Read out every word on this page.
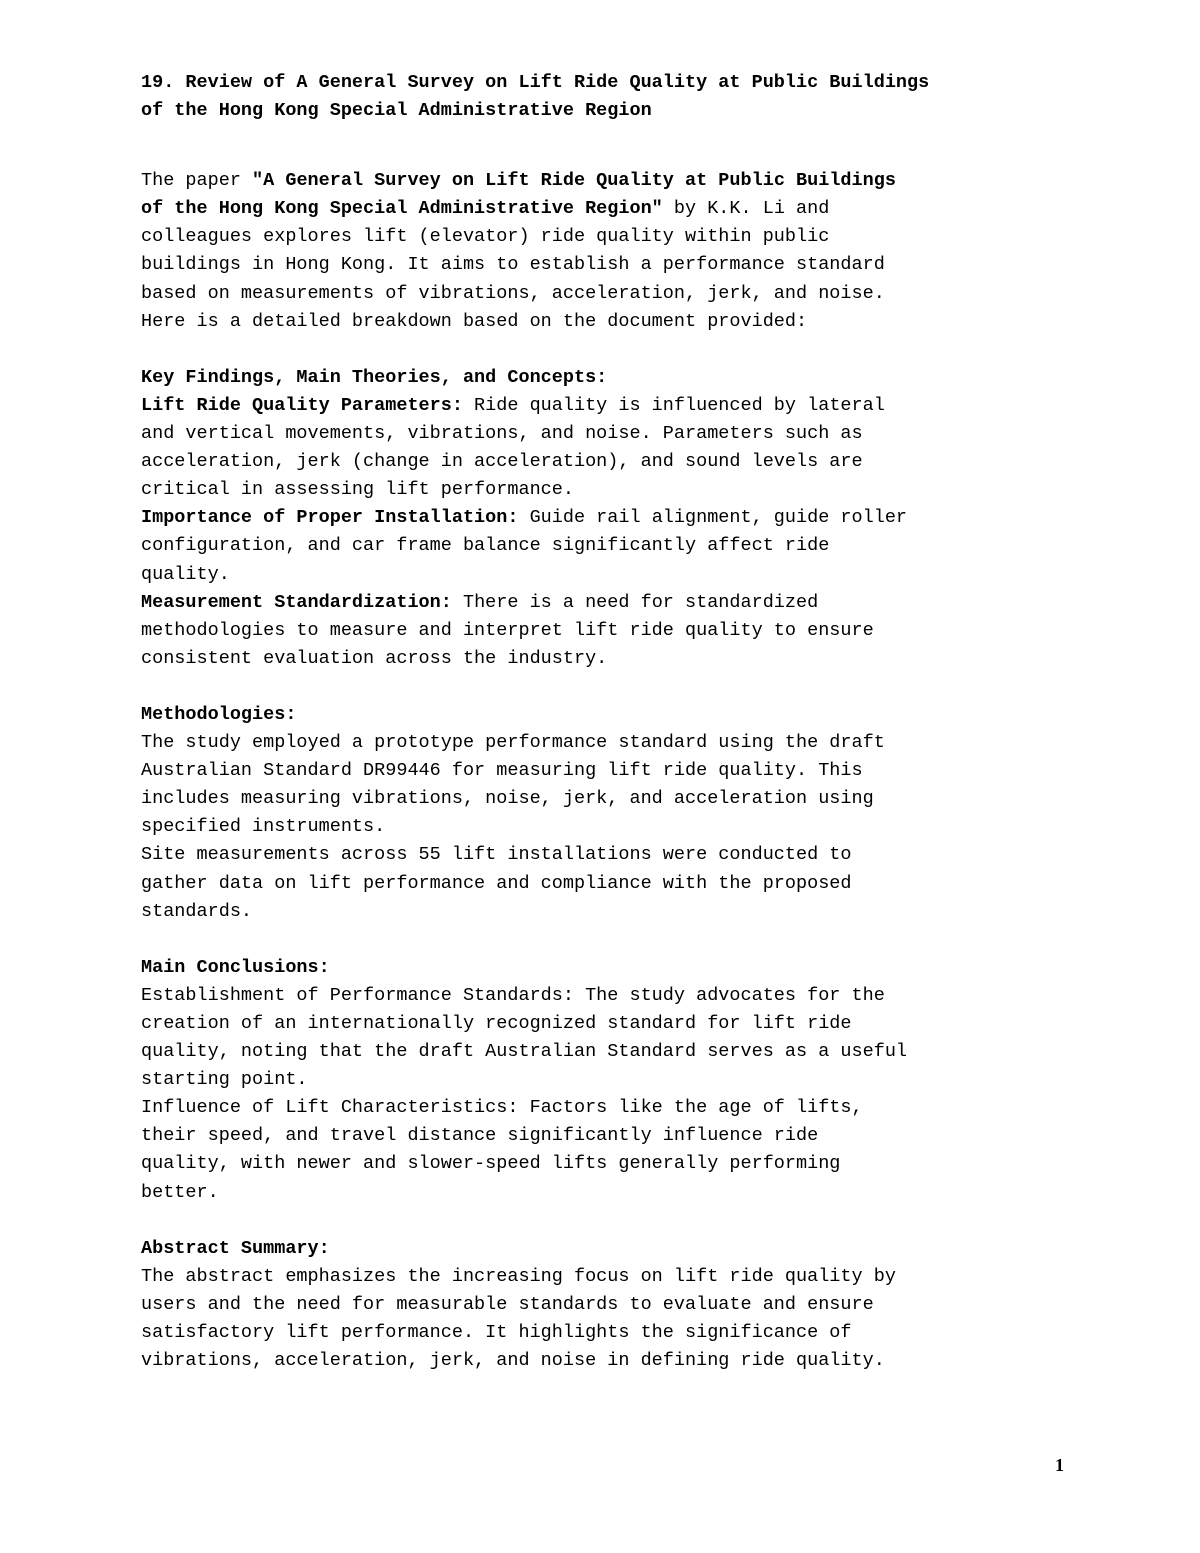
19. Review of A General Survey on Lift Ride Quality at Public Buildings
of the Hong Kong Special Administrative Region
The paper "A General Survey on Lift Ride Quality at Public Buildings
of the Hong Kong Special Administrative Region" by K.K. Li and
colleagues explores lift (elevator) ride quality within public
buildings in Hong Kong. It aims to establish a performance standard
based on measurements of vibrations, acceleration, jerk, and noise.
Here is a detailed breakdown based on the document provided:
Key Findings, Main Theories, and Concepts:
Lift Ride Quality Parameters: Ride quality is influenced by lateral
and vertical movements, vibrations, and noise. Parameters such as
acceleration, jerk (change in acceleration), and sound levels are
critical in assessing lift performance.
Importance of Proper Installation: Guide rail alignment, guide roller
configuration, and car frame balance significantly affect ride
quality.
Measurement Standardization: There is a need for standardized
methodologies to measure and interpret lift ride quality to ensure
consistent evaluation across the industry.
Methodologies:
The study employed a prototype performance standard using the draft
Australian Standard DR99446 for measuring lift ride quality. This
includes measuring vibrations, noise, jerk, and acceleration using
specified instruments.
Site measurements across 55 lift installations were conducted to
gather data on lift performance and compliance with the proposed
standards.
Main Conclusions:
Establishment of Performance Standards: The study advocates for the
creation of an internationally recognized standard for lift ride
quality, noting that the draft Australian Standard serves as a useful
starting point.
Influence of Lift Characteristics: Factors like the age of lifts,
their speed, and travel distance significantly influence ride
quality, with newer and slower-speed lifts generally performing
better.
Abstract Summary:
The abstract emphasizes the increasing focus on lift ride quality by
users and the need for measurable standards to evaluate and ensure
satisfactory lift performance. It highlights the significance of
vibrations, acceleration, jerk, and noise in defining ride quality.
1
